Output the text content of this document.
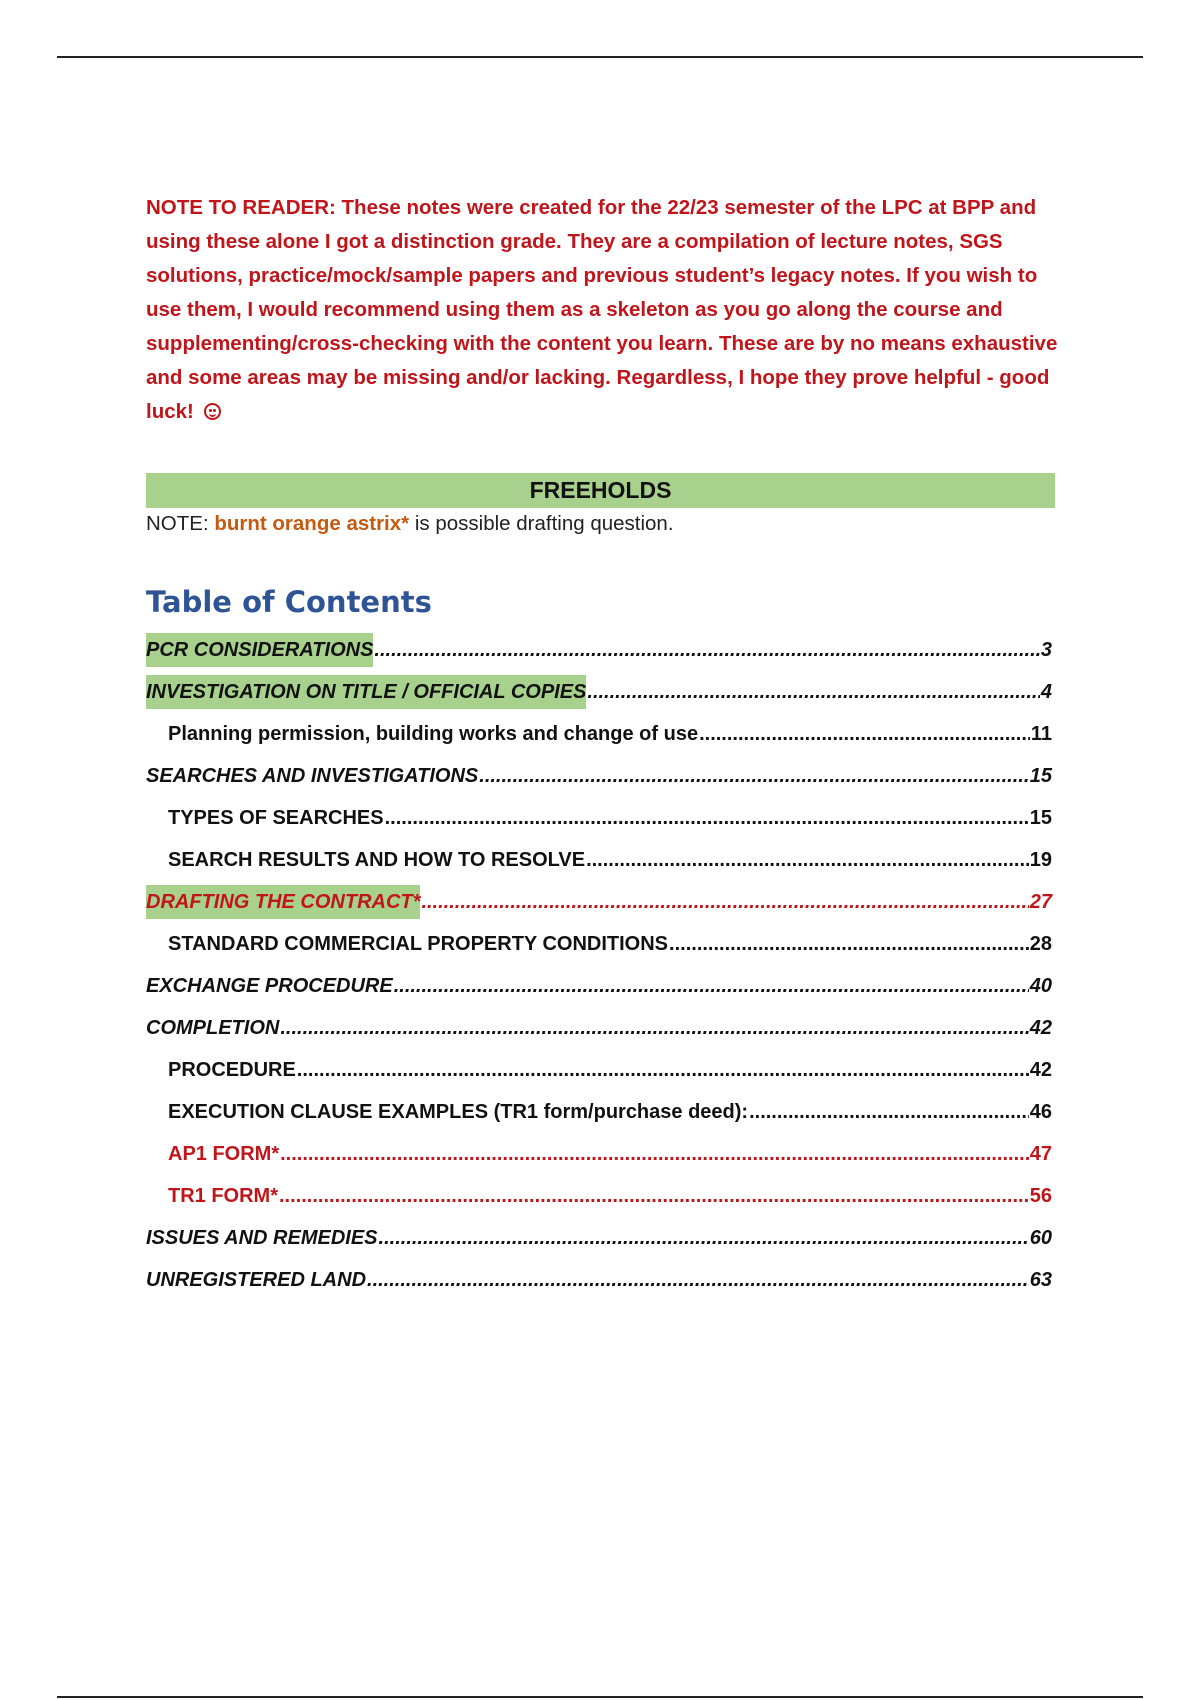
NOTE TO READER: These notes were created for the 22/23 semester of the LPC at BPP and using these alone I got a distinction grade. They are a compilation of lecture notes, SGS solutions, practice/mock/sample papers and previous student’s legacy notes. If you wish to use them, I would recommend using them as a skeleton as you go along the course and supplementing/cross-checking with the content you learn. These are by no means exhaustive and some areas may be missing and/or lacking. Regardless, I hope they prove helpful - good luck!
FREEHOLDS
NOTE: burnt orange astrix* is possible drafting question.
Table of Contents
PCR CONSIDERATIONS .....	3
INVESTIGATION ON TITLE / OFFICIAL COPIES .....	4
Planning permission, building works and change of use .....	11
SEARCHES AND INVESTIGATIONS .....	15
TYPES OF SEARCHES .....	15
SEARCH RESULTS AND HOW TO RESOLVE .....	19
DRAFTING THE CONTRACT* .....	27
STANDARD COMMERCIAL PROPERTY CONDITIONS .....	28
EXCHANGE PROCEDURE .....	40
COMPLETION .....	42
PROCEDURE .....	42
EXECUTION CLAUSE EXAMPLES (TR1 form/purchase deed): .....	46
AP1 FORM* .....	47
TR1 FORM* .....	56
ISSUES AND REMEDIES .....	60
UNREGISTERED LAND .....	63
